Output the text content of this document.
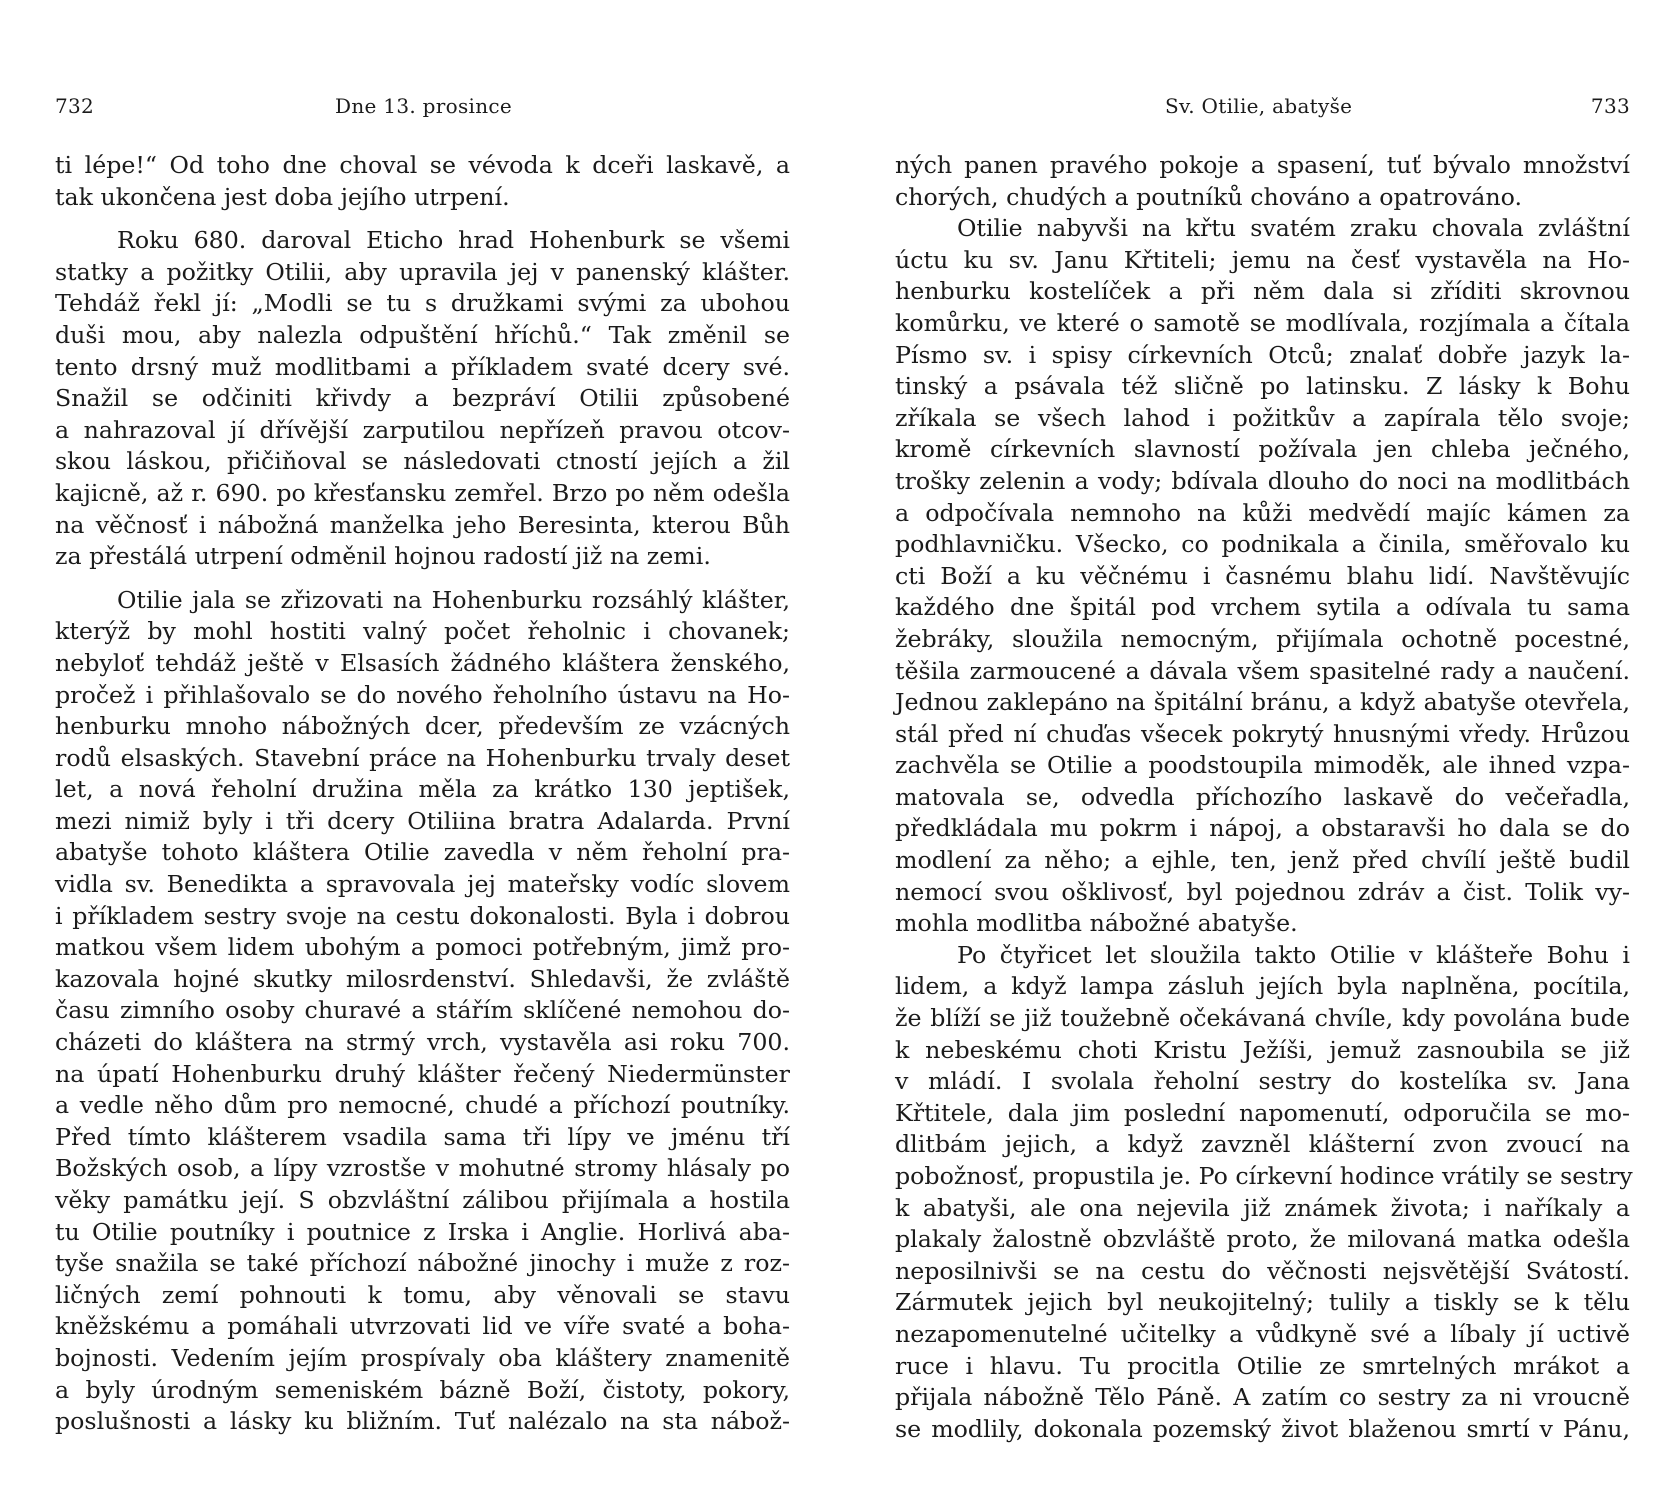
732	Dne 13. prosince
ti lépe!“ Od toho dne choval se vévoda k dceři laskavě, a
tak ukončena jest doba jejího utrpení.
Roku 680. daroval Eticho hrad Hohenburk se všemi
statky a požitky Otilii, aby upravila jej v panenský klášter.
Tehdáž řekl jí: „Modli se tu s družkami svými za ubohou
duši mou, aby nalezla odpuštění hříchů.“ Tak změnil se
tento drsný muž modlitbami a příkladem svaté dcery své.
Snažil se odčiniti křivdy a bezpráví Otilii způsobené
a nahrazoval jí dřívější zarputilou nepřízeň pravou otcov-
skou láskou, přičiňoval se následovati ctností jejích a žil
kajicně, až r. 690. po křesťansku zemřel. Brzo po něm odešla
na věčnosť i nábožná manželka jeho Beresinta, kterou Bůh
za přestálá utrpení odměnil hojnou radostí již na zemi.
Otilie jala se zřizovati na Hohenburku rozsáhlý klášter,
kterýž by mohl hostiti valný počet řeholnic i chovanek;
nebyloť tehdáž ještě v Elsasích žádného kláštera ženského,
pročež i přihlašovalo se do nového řeholního ústavu na Ho-
henburku mnoho nábožných dcer, především ze vzácných
rodů elsaských. Stavební práce na Hohenburku trvaly deset
let, a nová řeholní družina měla za krátko 130 jeptišek,
mezi nimiž byly i tři dcery Otiliina bratra Adalarda. První
abatyše tohoto kláštera Otilie zavedla v něm řeholní pra-
vidla sv. Benedikta a spravovala jej mateřsky vodíc slovem
i příkladem sestry svoje na cestu dokonalosti. Byla i dobrou
matkou všem lidem ubohým a pomoci potřebným, jimž pro-
kazovala hojné skutky milosrdenství. Shledavši, že zvláště
času zimního osoby churavé a stářím sklíčené nemohou do-
cházeti do kláštera na strmý vrch, vystavěla asi roku 700.
na úpatí Hohenburku druhý klášter řečený Niedermünster
a vedle něho dům pro nemocné, chudé a příchozí poutníky.
Před tímto klášterem vsadila sama tři lípy ve jménu tří
Božských osob, a lípy vzrostše v mohutné stromy hlásaly po
věky památku její. S obzvláštní zálibou přijímala a hostila
tu Otilie poutníky i poutnice z Irska i Anglie. Horlivá aba-
tyše snažila se také příchozí nábožné jinochy i muže z roz-
ličných zemí pohnouti k tomu, aby věnovali se stavu
kněžskému a pomáhali utvrzovati lid ve víře svaté a boha-
bojnosti. Vedením jejím prospívaly oba kláštery znamenitě
a byly úrodným semeniském bázně Boží, čistoty, pokory,
poslušnosti a lásky ku bližním. Tuť nalézalo na sta nábož-
Sv. Otilie, abatyše	733
ných panen pravého pokoje a spasení, tuť bývalo množství
chorých, chudých a poutníků chováno a opatrováno.
Otilie nabyvši na křtu svatém zraku chovala zvláštní
úctu ku sv. Janu Křtiteli; jemu na česť vystavěla na Ho-
henburku kostelíček a při něm dala si zříditi skrovnou
komůrku, ve které o samotě se modlívala, rozjímala a čítala
Písmo sv. i spisy církevních Otců; znalať dobře jazyk la-
tinský a psávala též sličně po latinsku. Z lásky k Bohu
zříkala se všech lahod i požitkův a zapírala tělo svoje;
kromě církevních slavností požívala jen chleba ječného,
trošky zelenin a vody; bdívala dlouho do noci na modlitbách
a odpočívala nemnoho na kůži medvědí majíc kámen za
podhlavničku. Všecko, co podnikala a činila, směřovalo ku
cti Boží a ku věčnému i časnému blahu lidí. Navštěvujíc
každého dne špitál pod vrchem sytila a odívala tu sama
žebráky, sloužila nemocným, přijímala ochotně pocestné,
těšila zarmoucené a dávala všem spasitelné rady a naučení.
Jednou zaklepáno na špitální bránu, a když abatyše otevřela,
stál před ní chuďas všecek pokrytý hnusnými vředy. Hrůzou
zachvěla se Otilie a poodstoupila mimoděk, ale ihned vzpa-
matovala se, odvedla příchozího laskavě do večeřadla,
předkládala mu pokrm i nápoj, a obstaravši ho dala se do
modlení za něho; a ejhle, ten, jenž před chvílí ještě budil
nemocí svou ošklivosť, byl pojednou zdráv a čist. Tolik vy-
mohla modlitba nábožné abatyše.
Po čtyřicet let sloužila takto Otilie v klášteře Bohu i
lidem, a když lampa zásluh jejích byla naplněna, pocítila,
že blíží se již toužebně očekávaná chvíle, kdy povolána bude
k nebeskému choti Kristu Ježíši, jemuž zasnoubila se již
v mládí. I svolala řeholní sestry do kostelíka sv. Jana
Křtitele, dala jim poslední napomenutí, odporučila se mo-
dlitbám jejich, a když zavzněl klášterní zvon zvoucí na
pobožnosť, propustila je. Po církevní hodince vrátily se sestry
k abatyši, ale ona nejevila již známek života; i naříkaly a
plakaly žalostně obzvláště proto, že milovaná matka odešla
neposilnivši se na cestu do věčnosti nejsvětější Svátostí.
Zármutek jejich byl neukojitelný; tulily a tiskly se k tělu
nezapomenutelné učitelky a vůdkyně své a líbaly jí uctivě
ruce i hlavu. Tu procitla Otilie ze smrtelných mrákot a
přijala nábožně Tělo Páně. A zatím co sestry za ni vroucně
se modlily, dokonala pozemský život blaženou smrtí v Pánu,
